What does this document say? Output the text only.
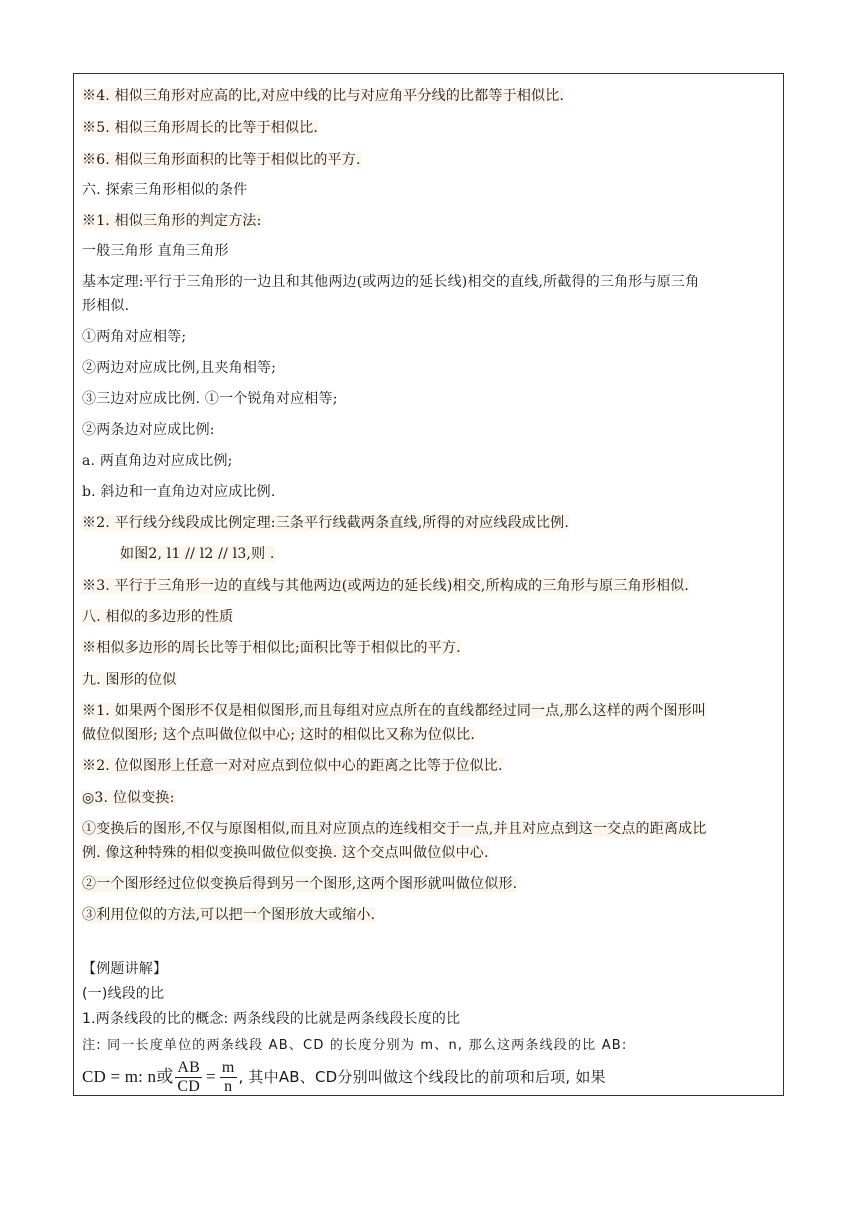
※4. 相似三角形对应高的比,对应中线的比与对应角平分线的比都等于相似比.
※5. 相似三角形周长的比等于相似比.
※6. 相似三角形面积的比等于相似比的平方.
六. 探索三角形相似的条件
※1. 相似三角形的判定方法:
一般三角形 直角三角形
基本定理:平行于三角形的一边且和其他两边(或两边的延长线)相交的直线,所截得的三角形与原三角
形相似.
①两角对应相等;
②两边对应成比例,且夹角相等;
③三边对应成比例. ①一个锐角对应相等;
②两条边对应成比例:
a. 两直角边对应成比例;
b. 斜边和一直角边对应成比例.
※2. 平行线分线段成比例定理:三条平行线截两条直线,所得的对应线段成比例.
如图2, l1 // l2 // l3,则 .
※3. 平行于三角形一边的直线与其他两边(或两边的延长线)相交,所构成的三角形与原三角形相似.
八. 相似的多边形的性质
※相似多边形的周长比等于相似比;面积比等于相似比的平方.
九. 图形的位似
※1. 如果两个图形不仅是相似图形,而且每组对应点所在的直线都经过同一点,那么这样的两个图形叫
做位似图形; 这个点叫做位似中心; 这时的相似比又称为位似比.
※2. 位似图形上任意一对对应点到位似中心的距离之比等于位似比.
◎3. 位似变换:
①变换后的图形,不仅与原图相似,而且对应顶点的连线相交于一点,并且对应点到这一交点的距离成比
例. 像这种特殊的相似变换叫做位似变换. 这个交点叫做位似中心.
②一个图形经过位似变换后得到另一个图形,这两个图形就叫做位似形.
③利用位似的方法,可以把一个图形放大或缩小.
【例题讲解】
(一)线段的比
1.两条线段的比的概念: 两条线段的比就是两条线段长度的比
注: 同一长度单位的两条线段 AB、CD 的长度分别为 m、n, 那么这两条线段的比 AB:
CD = m: n或 $\frac{AB}{CD} = \frac{m}{n}$ , 其中AB、CD分别叫做这个线段比的前项和后项, 如果
